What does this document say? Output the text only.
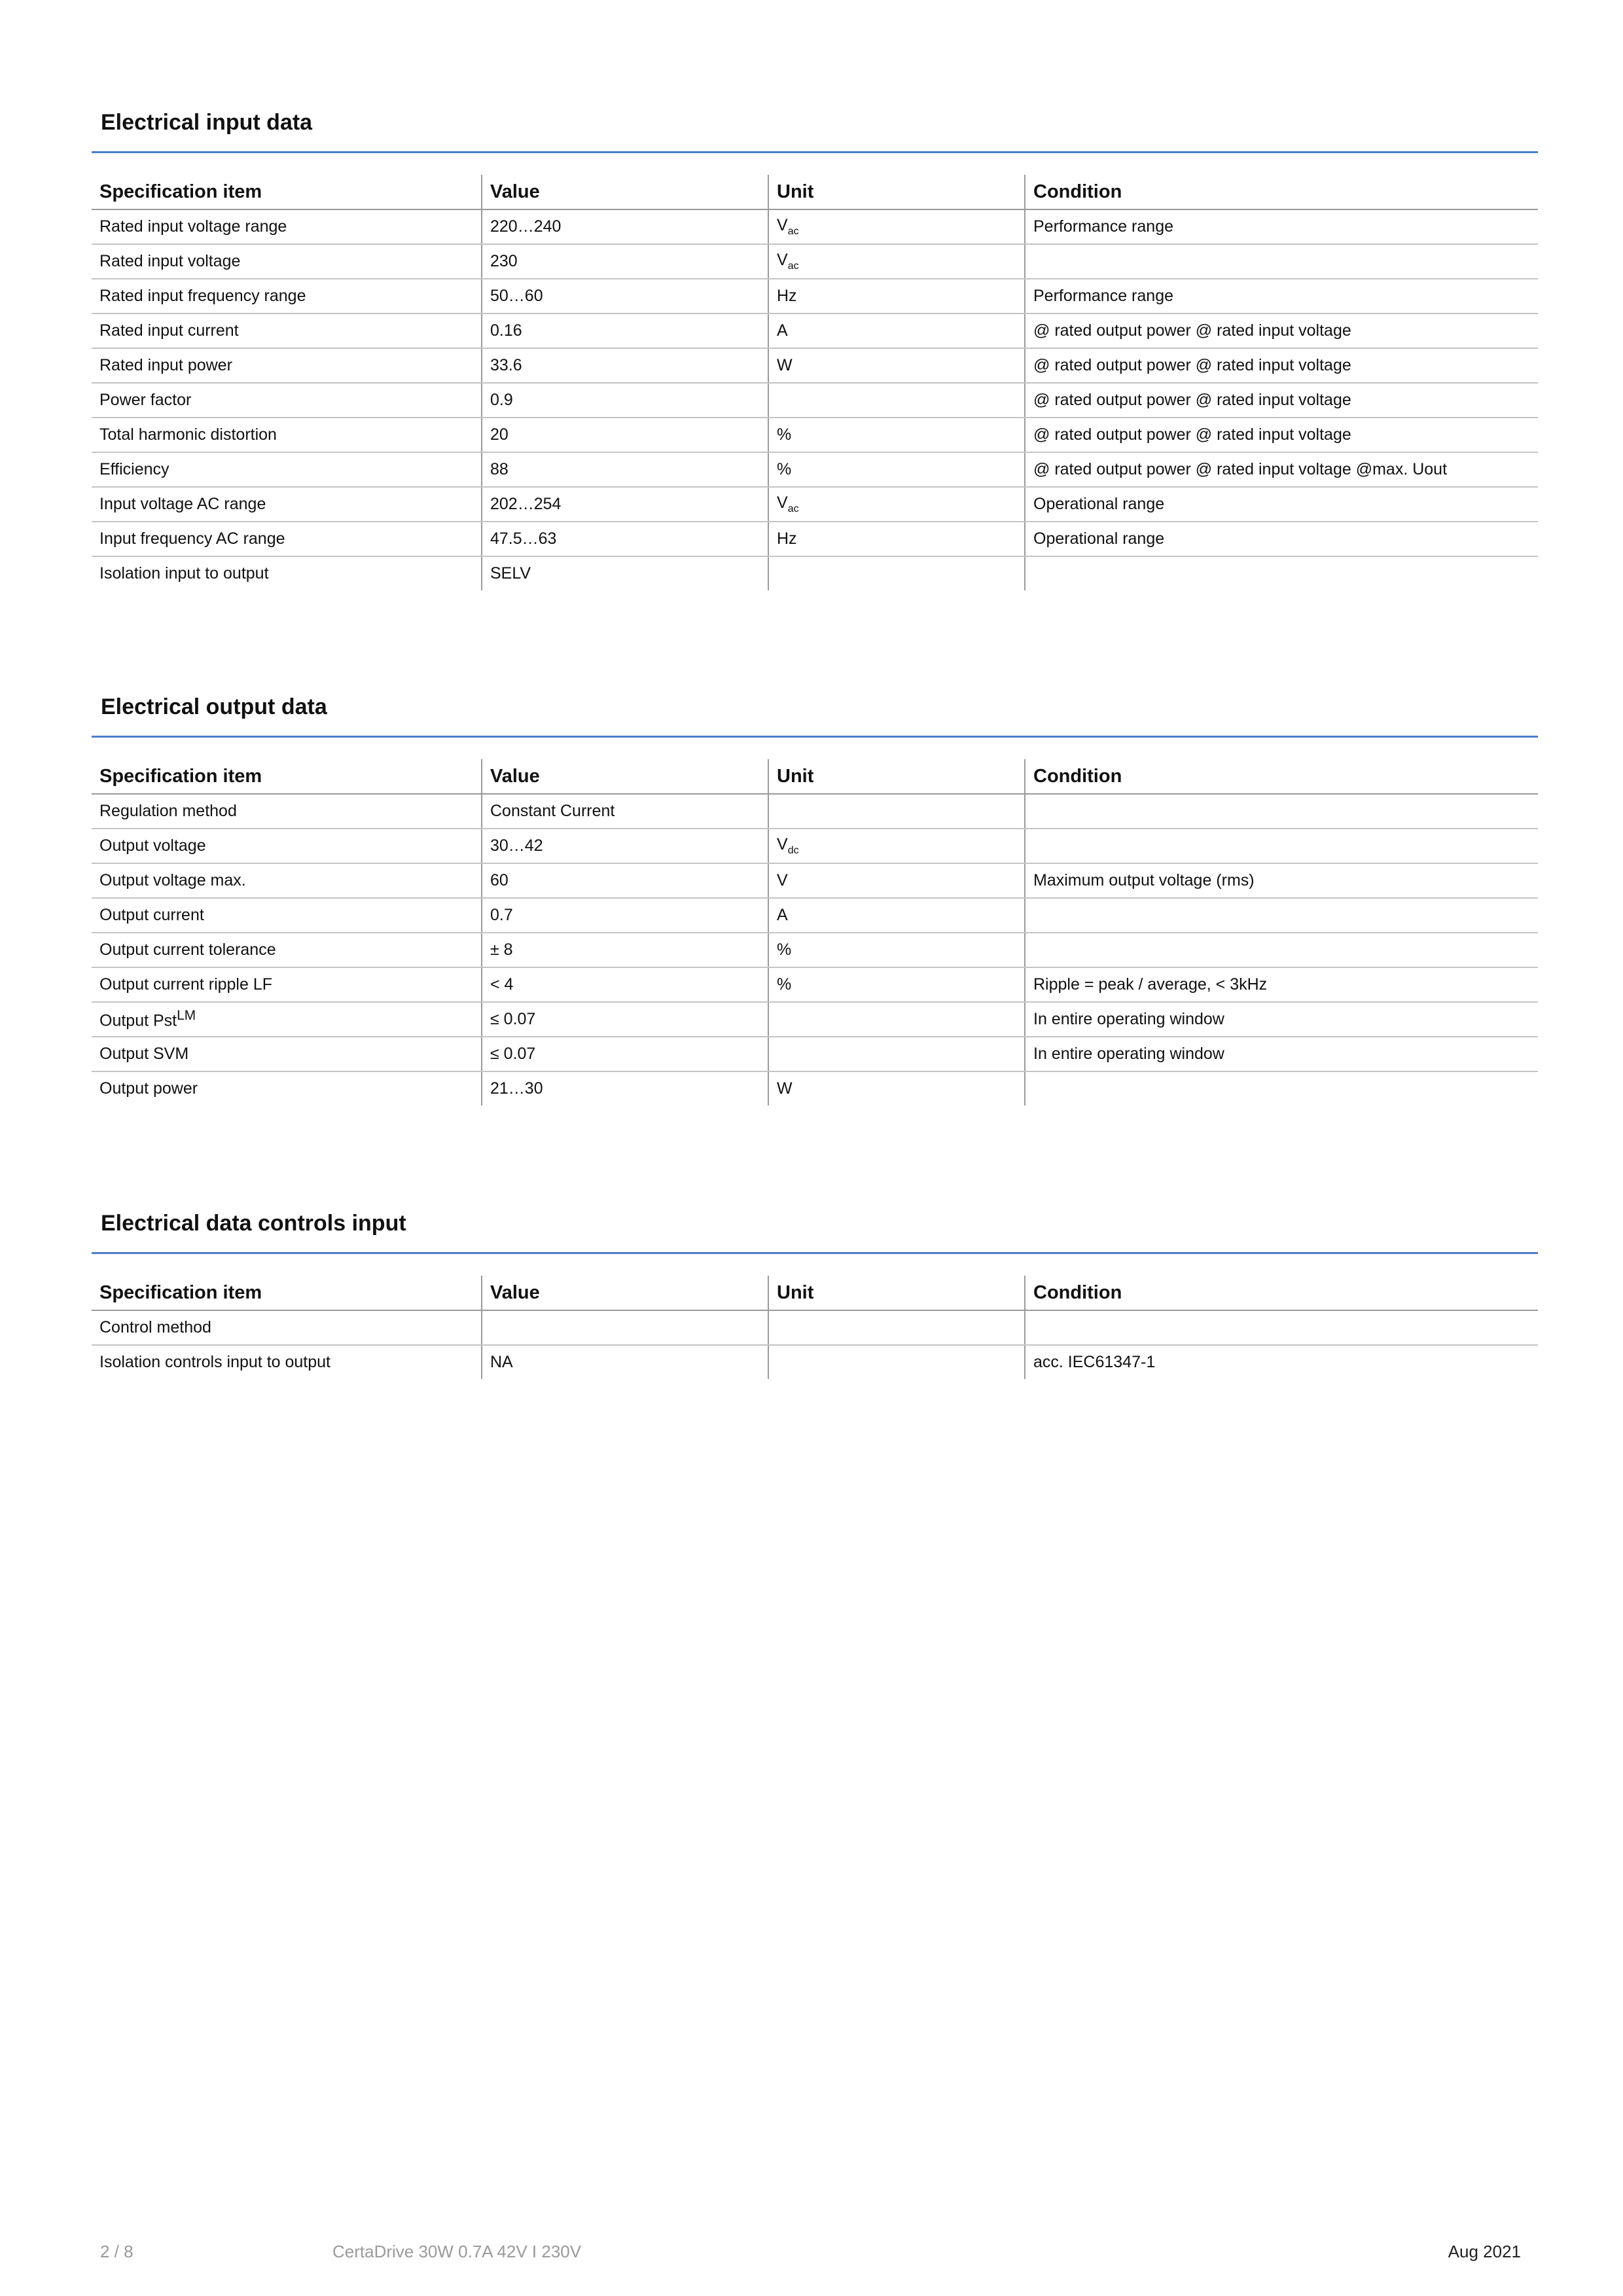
Electrical input data
Specification item	Value	Unit	Condition
Rated input voltage range	220…240	$V_{ac}$	Performance range
Rated input voltage	230	$V_{ac}$	
Rated input frequency range	50…60	Hz	Performance range
Rated input current	0.16	A	@ rated output power @ rated input voltage
Rated input power	33.6	W	@ rated output power @ rated input voltage
Power factor	0.9		@ rated output power @ rated input voltage
Total harmonic distortion	20	%	@ rated output power @ rated input voltage
Efficiency	88	%	@ rated output power @ rated input voltage @max. Uout
Input voltage AC range	202…254	$V_{ac}$	Operational range
Input frequency AC range	47.5…63	Hz	Operational range
Isolation input to output	SELV		
Electrical output data
Specification item	Value	Unit	Condition
Regulation method	Constant Current		
Output voltage	30…42	$V_{dc}$	
Output voltage max.	60	V	Maximum output voltage (rms)
Output current	0.7	A	
Output current tolerance	± 8	%	
Output current ripple LF	< 4	%	Ripple = peak / average, < 3kHz
Output Pst$^{LM}$	≤ 0.07		In entire operating window
Output SVM	≤ 0.07		In entire operating window
Output power	21…30	W	
Electrical data controls input
Specification item	Value	Unit	Condition
Control method			
Isolation controls input to output	NA		acc. IEC61347-1
2 / 8	CertaDrive 30W 0.7A 42V I 230V	Aug 2021
